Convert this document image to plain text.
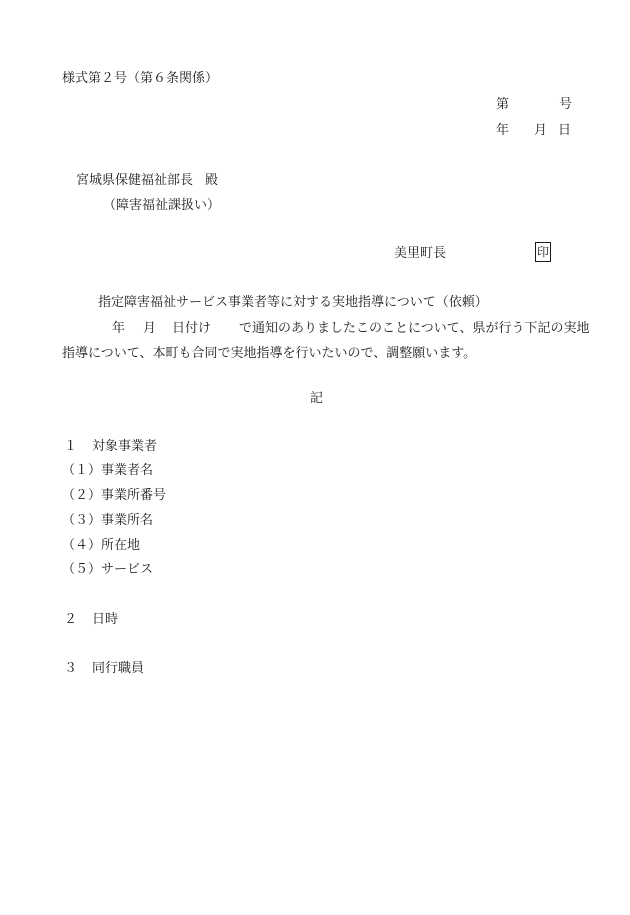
様式第２号（第６条関係）
第	号
年 月 日
宮城県保健福祉部長 殿
（障害福祉課扱い）
美里町長	印
指定障害福祉サービス事業者等に対する実地指導について（依頼）
年 月 日付け で通知のありましたこのことについて、県が行う下記の実地
指導について、本町も合同で実地指導を行いたいので、調整願います。
記
１ 対象事業者
（１）事業者名
（２）事業所番号
（３）事業所名
（４）所在地
（５）サービス
２ 日時
３ 同行職員
